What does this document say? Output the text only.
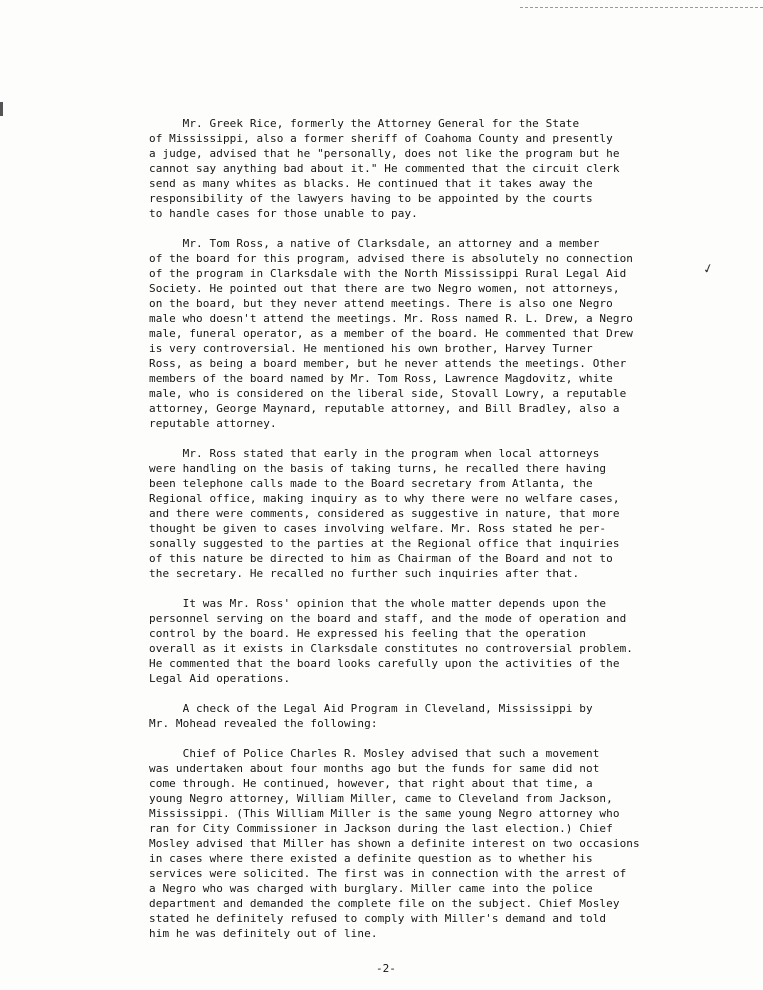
✓
Mr. Greek Rice, formerly the Attorney General for the State
of Mississippi, also a former sheriff of Coahoma County and presently
a judge, advised that he "personally, does not like the program but he
cannot say anything bad about it." He commented that the circuit clerk
send as many whites as blacks. He continued that it takes away the
responsibility of the lawyers having to be appointed by the courts
to handle cases for those unable to pay.
Mr. Tom Ross, a native of Clarksdale, an attorney and a member
of the board for this program, advised there is absolutely no connection
of the program in Clarksdale with the North Mississippi Rural Legal Aid
Society. He pointed out that there are two Negro women, not attorneys,
on the board, but they never attend meetings. There is also one Negro
male who doesn't attend the meetings. Mr. Ross named R. L. Drew, a Negro
male, funeral operator, as a member of the board. He commented that Drew
is very controversial. He mentioned his own brother, Harvey Turner
Ross, as being a board member, but he never attends the meetings. Other
members of the board named by Mr. Tom Ross, Lawrence Magdovitz, white
male, who is considered on the liberal side, Stovall Lowry, a reputable
attorney, George Maynard, reputable attorney, and Bill Bradley, also a
reputable attorney.
Mr. Ross stated that early in the program when local attorneys
were handling on the basis of taking turns, he recalled there having
been telephone calls made to the Board secretary from Atlanta, the
Regional office, making inquiry as to why there were no welfare cases,
and there were comments, considered as suggestive in nature, that more
thought be given to cases involving welfare. Mr. Ross stated he per-
sonally suggested to the parties at the Regional office that inquiries
of this nature be directed to him as Chairman of the Board and not to
the secretary. He recalled no further such inquiries after that.
It was Mr. Ross' opinion that the whole matter depends upon the
personnel serving on the board and staff, and the mode of operation and
control by the board. He expressed his feeling that the operation
overall as it exists in Clarksdale constitutes no controversial problem.
He commented that the board looks carefully upon the activities of the
Legal Aid operations.
A check of the Legal Aid Program in Cleveland, Mississippi by
Mr. Mohead revealed the following:
Chief of Police Charles R. Mosley advised that such a movement
was undertaken about four months ago but the funds for same did not
come through. He continued, however, that right about that time, a
young Negro attorney, William Miller, came to Cleveland from Jackson,
Mississippi. (This William Miller is the same young Negro attorney who
ran for City Commissioner in Jackson during the last election.) Chief
Mosley advised that Miller has shown a definite interest on two occasions
in cases where there existed a definite question as to whether his
services were solicited. The first was in connection with the arrest of
a Negro who was charged with burglary. Miller came into the police
department and demanded the complete file on the subject. Chief Mosley
stated he definitely refused to comply with Miller's demand and told
him he was definitely out of line.
-2-
